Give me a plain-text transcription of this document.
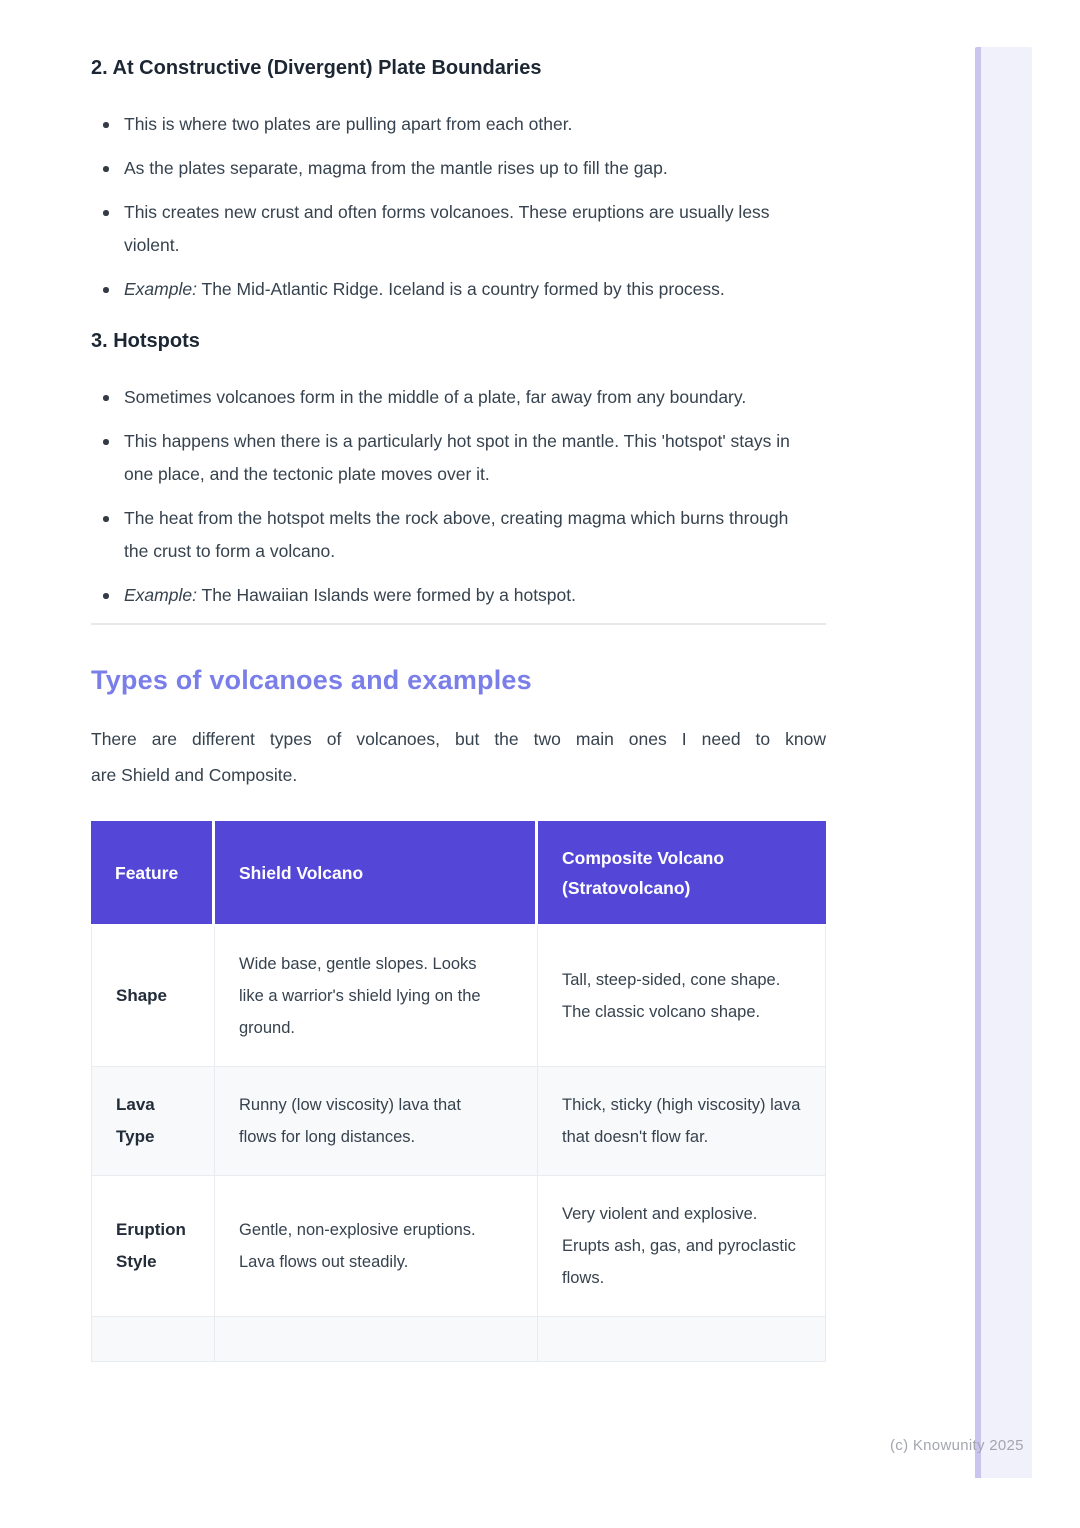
2. At Constructive (Divergent) Plate Boundaries
This is where two plates are pulling apart from each other.
As the plates separate, magma from the mantle rises up to fill the gap.
This creates new crust and often forms volcanoes. These eruptions are usually less violent.
Example: The Mid-Atlantic Ridge. Iceland is a country formed by this process.
3. Hotspots
Sometimes volcanoes form in the middle of a plate, far away from any boundary.
This happens when there is a particularly hot spot in the mantle. This 'hotspot' stays in one place, and the tectonic plate moves over it.
The heat from the hotspot melts the rock above, creating magma which burns through the crust to form a volcano.
Example: The Hawaiian Islands were formed by a hotspot.
Types of volcanoes and examples

There are different types of volcanoes, but the two main ones I need to know
are Shield and Composite.

Feature	Shield Volcano	Composite Volcano (Stratovolcano)
Shape	Wide base, gentle slopes. Looks like a warrior's shield lying on the ground.	Tall, steep-sided, cone shape. The classic volcano shape.
Lava Type	Runny (low viscosity) lava that flows for long distances.	Thick, sticky (high viscosity) lava that doesn't flow far.
Eruption Style	Gentle, non-explosive eruptions. Lava flows out steadily.	Very violent and explosive. Erupts ash, gas, and pyroclastic flows.

(c) Knowunity 2025
